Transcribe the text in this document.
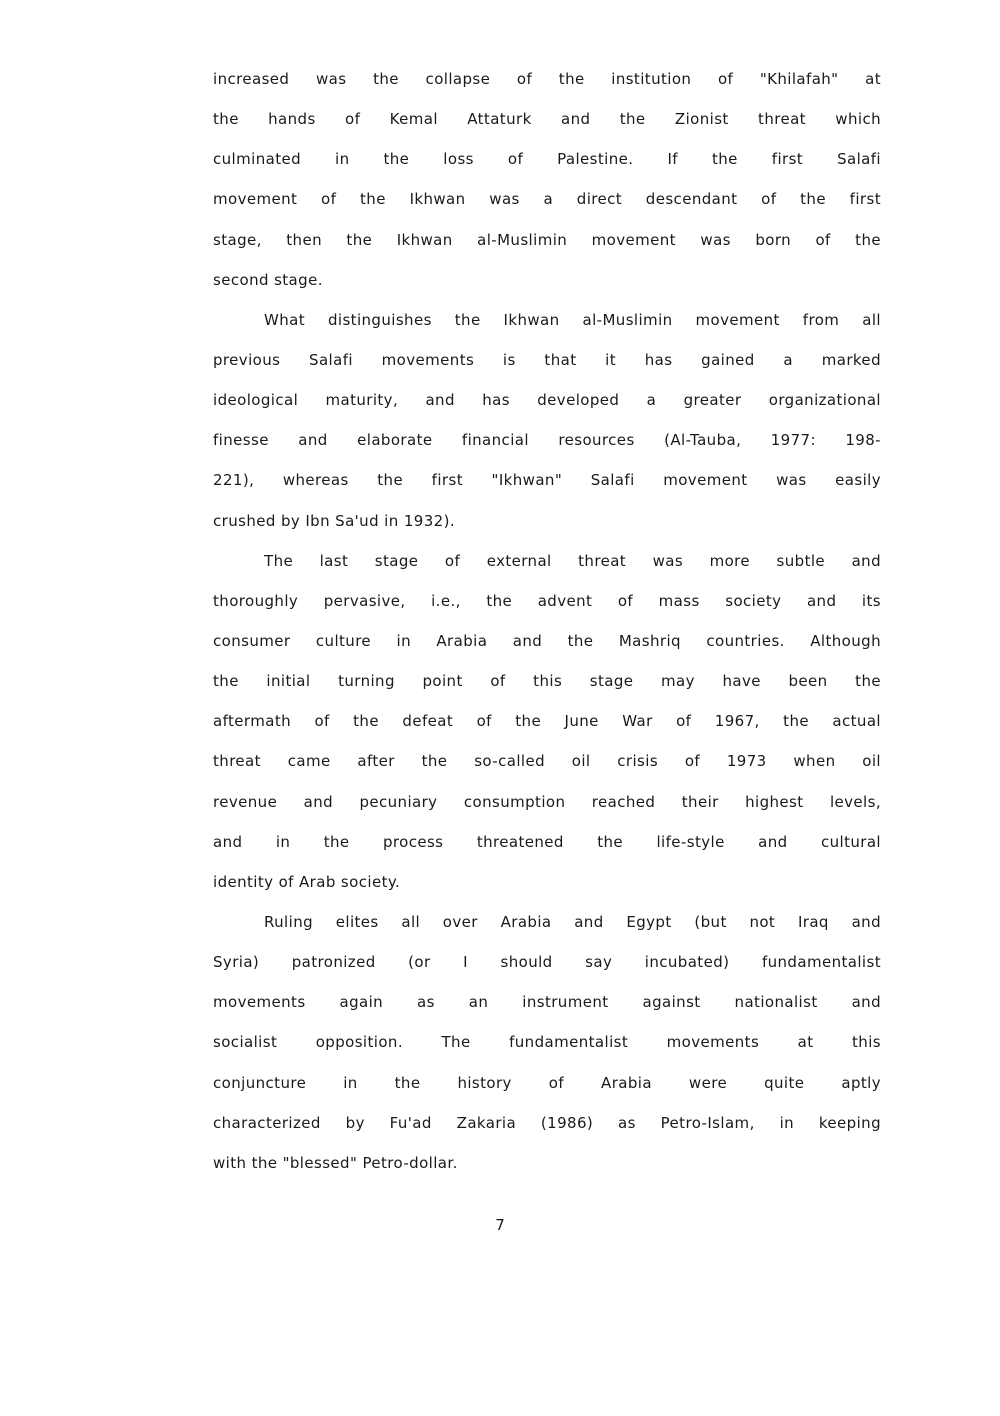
increased was the collapse of the institution of "Khilafah" at
the hands of Kemal Attaturk and the Zionist threat which
culminated in the loss of Palestine. If the first Salafi
movement of the Ikhwan was a direct descendant of the first
stage, then the Ikhwan al-Muslimin movement was born of the
second stage.
What distinguishes the Ikhwan al-Muslimin movement from all
previous Salafi movements is that it has gained a marked
ideological maturity, and has developed a greater organizational
finesse and elaborate financial resources (Al-Tauba, 1977: 198-
221), whereas the first "Ikhwan" Salafi movement was easily
crushed by Ibn Sa'ud in 1932).
The last stage of external threat was more subtle and
thoroughly pervasive, i.e., the advent of mass society and its
consumer culture in Arabia and the Mashriq countries. Although
the initial turning point of this stage may have been the
aftermath of the defeat of the June War of 1967, the actual
threat came after the so-called oil crisis of 1973 when oil
revenue and pecuniary consumption reached their highest levels,
and in the process threatened the life-style and cultural
identity of Arab society.
Ruling elites all over Arabia and Egypt (but not Iraq and
Syria) patronized (or I should say incubated) fundamentalist
movements again as an instrument against nationalist and
socialist opposition. The fundamentalist movements at this
conjuncture in the history of Arabia were quite aptly
characterized by Fu'ad Zakaria (1986) as Petro-Islam, in keeping
with the "blessed" Petro-dollar.
7
